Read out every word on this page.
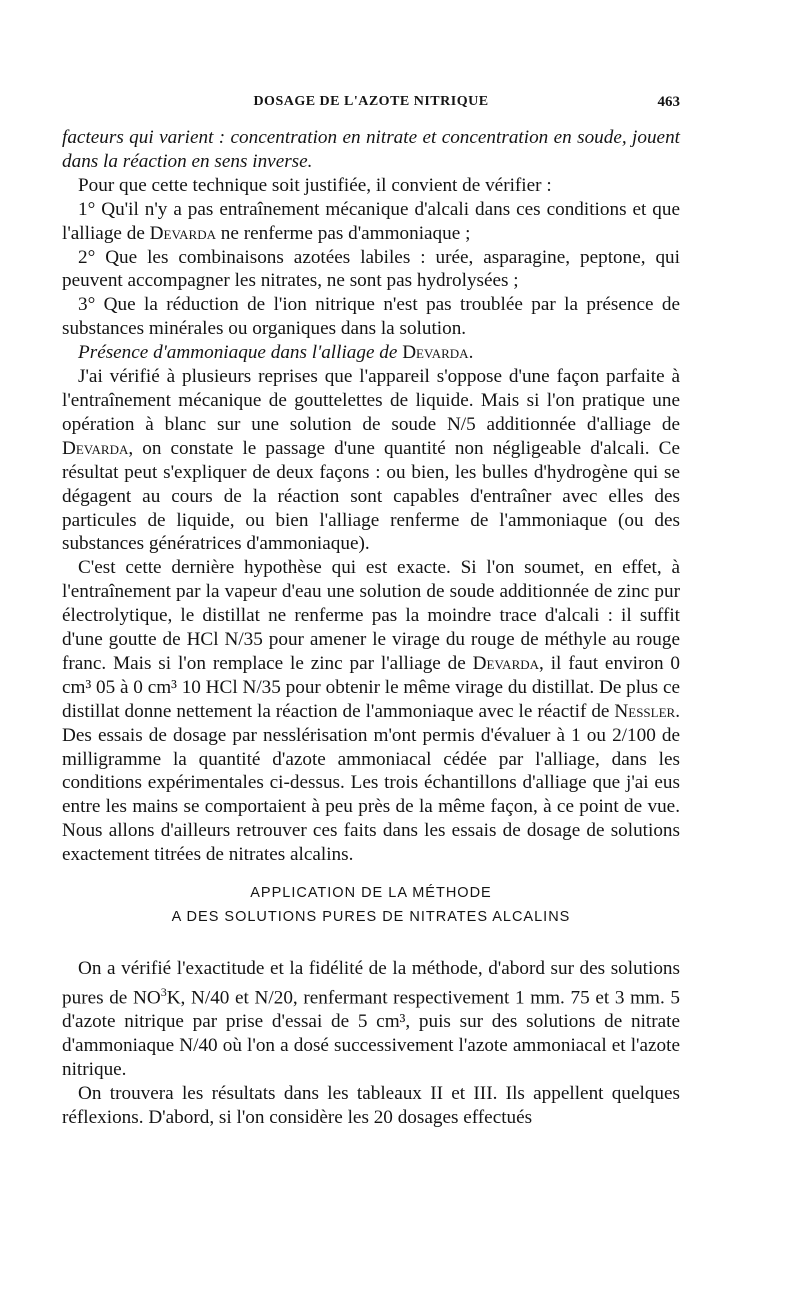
DOSAGE DE L'AZOTE NITRIQUE	463

facteurs qui varient : concentration en nitrate et concentration en soude, jouent dans la réaction en sens inverse.

Pour que cette technique soit justifiée, il convient de vérifier :

1° Qu'il n'y a pas entraînement mécanique d'alcali dans ces conditions et que l'alliage de Devarda ne renferme pas d'ammoniaque ;

2° Que les combinaisons azotées labiles : urée, asparagine, peptone, qui peuvent accompagner les nitrates, ne sont pas hydrolysées ;

3° Que la réduction de l'ion nitrique n'est pas troublée par la présence de substances minérales ou organiques dans la solution.

Présence d'ammoniaque dans l'alliage de Devarda.

J'ai vérifié à plusieurs reprises que l'appareil s'oppose d'une façon parfaite à l'entraînement mécanique de gouttelettes de liquide. Mais si l'on pratique une opération à blanc sur une solution de soude N/5 additionnée d'alliage de Devarda, on constate le passage d'une quantité non négligeable d'alcali. Ce résultat peut s'expliquer de deux façons : ou bien, les bulles d'hydrogène qui se dégagent au cours de la réaction sont capables d'entraîner avec elles des particules de liquide, ou bien l'alliage renferme de l'ammoniaque (ou des substances génératrices d'ammoniaque).

C'est cette dernière hypothèse qui est exacte. Si l'on soumet, en effet, à l'entraînement par la vapeur d'eau une solution de soude additionnée de zinc pur électrolytique, le distillat ne renferme pas la moindre trace d'alcali : il suffit d'une goutte de HCl N/35 pour amener le virage du rouge de méthyle au rouge franc. Mais si l'on remplace le zinc par l'alliage de Devarda, il faut environ 0 cm³ 05 à 0 cm³ 10 HCl N/35 pour obtenir le même virage du distillat. De plus ce distillat donne nettement la réaction de l'ammoniaque avec le réactif de Nessler. Des essais de dosage par nesslérisation m'ont permis d'évaluer à 1 ou 2/100 de milligramme la quantité d'azote ammoniacal cédée par l'alliage, dans les conditions expérimentales ci-dessus. Les trois échantillons d'alliage que j'ai eus entre les mains se comportaient à peu près de la même façon, à ce point de vue. Nous allons d'ailleurs retrouver ces faits dans les essais de dosage de solutions exactement titrées de nitrates alcalins.

APPLICATION DE LA MÉTHODE
A DES SOLUTIONS PURES DE NITRATES ALCALINS

On a vérifié l'exactitude et la fidélité de la méthode, d'abord sur des solutions pures de $NO^3K$, N/40 et N/20, renfermant respectivement 1 mm. 75 et 3 mm. 5 d'azote nitrique par prise d'essai de 5 cm³, puis sur des solutions de nitrate d'ammoniaque N/40 où l'on a dosé successivement l'azote ammoniacal et l'azote nitrique.

On trouvera les résultats dans les tableaux II et III. Ils appellent quelques réflexions. D'abord, si l'on considère les 20 dosages effectués
